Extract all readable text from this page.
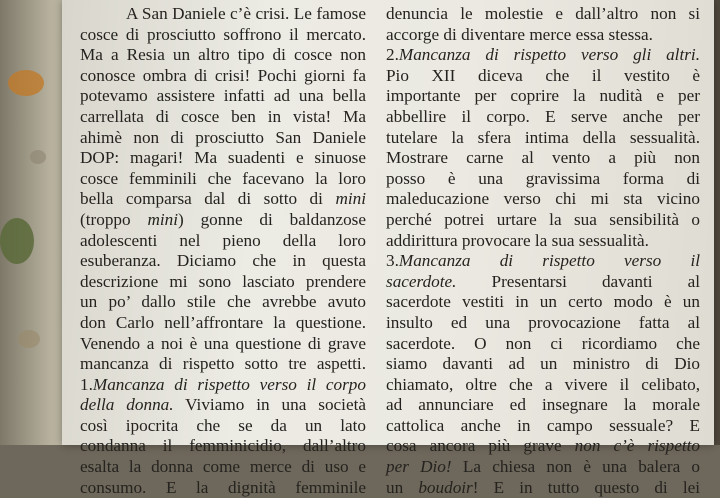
A San Daniele c’è crisi. Le famose
cosce di prosciutto soffrono il mercato.
Ma a Resia un altro tipo di cosce non
conosce ombra di crisi! Pochi giorni fa
potevamo assistere infatti ad una bella
carrellata di cosce ben in vista! Ma
ahimè non di prosciutto San Daniele
DOP: magari! Ma suadenti e sinuose
cosce femminili che facevano la loro
bella comparsa dal di sotto di mini
(troppo mini) gonne di baldanzose
adolescenti nel pieno della loro
esuberanza. Diciamo che in questa
descrizione mi sono lasciato prendere
un po’ dallo stile che avrebbe avuto
don Carlo nell’affrontare la questione.
Venendo a noi è una questione di grave
mancanza di rispetto sotto tre aspetti.
1.Mancanza di rispetto verso il corpo
della donna. Viviamo in una società
così ipocrita che se da un lato
condanna il femminicidio, dall’altro
esalta la donna come merce di uso e
consumo. E la dignità femminile
denuncia le molestie e dall’altro non si
accorge di diventare merce essa stessa.
2.Mancanza di rispetto verso gli altri.
Pio XII diceva che il vestito è
importante per coprire la nudità e per
abbellire il corpo. E serve anche per
tutelare la sfera intima della sessualità.
Mostrare carne al vento a più non
posso è una gravissima forma di
maleducazione verso chi mi sta vicino
perché potrei urtare la sua sensibilità o
addirittura provocare la sua sessualità.
3.Mancanza di rispetto verso il
sacerdote. Presentarsi davanti al
sacerdote vestiti in un certo modo è un
insulto ed una provocazione fatta al
sacerdote. O non ci ricordiamo che
siamo davanti ad un ministro di Dio
chiamato, oltre che a vivere il celibato,
ad annunciare ed insegnare la morale
cattolica anche in campo sessuale? E
cosa ancora più grave non c’è rispetto
per Dio! La chiesa non è una balera o
un boudoir! E in tutto questo di lei
